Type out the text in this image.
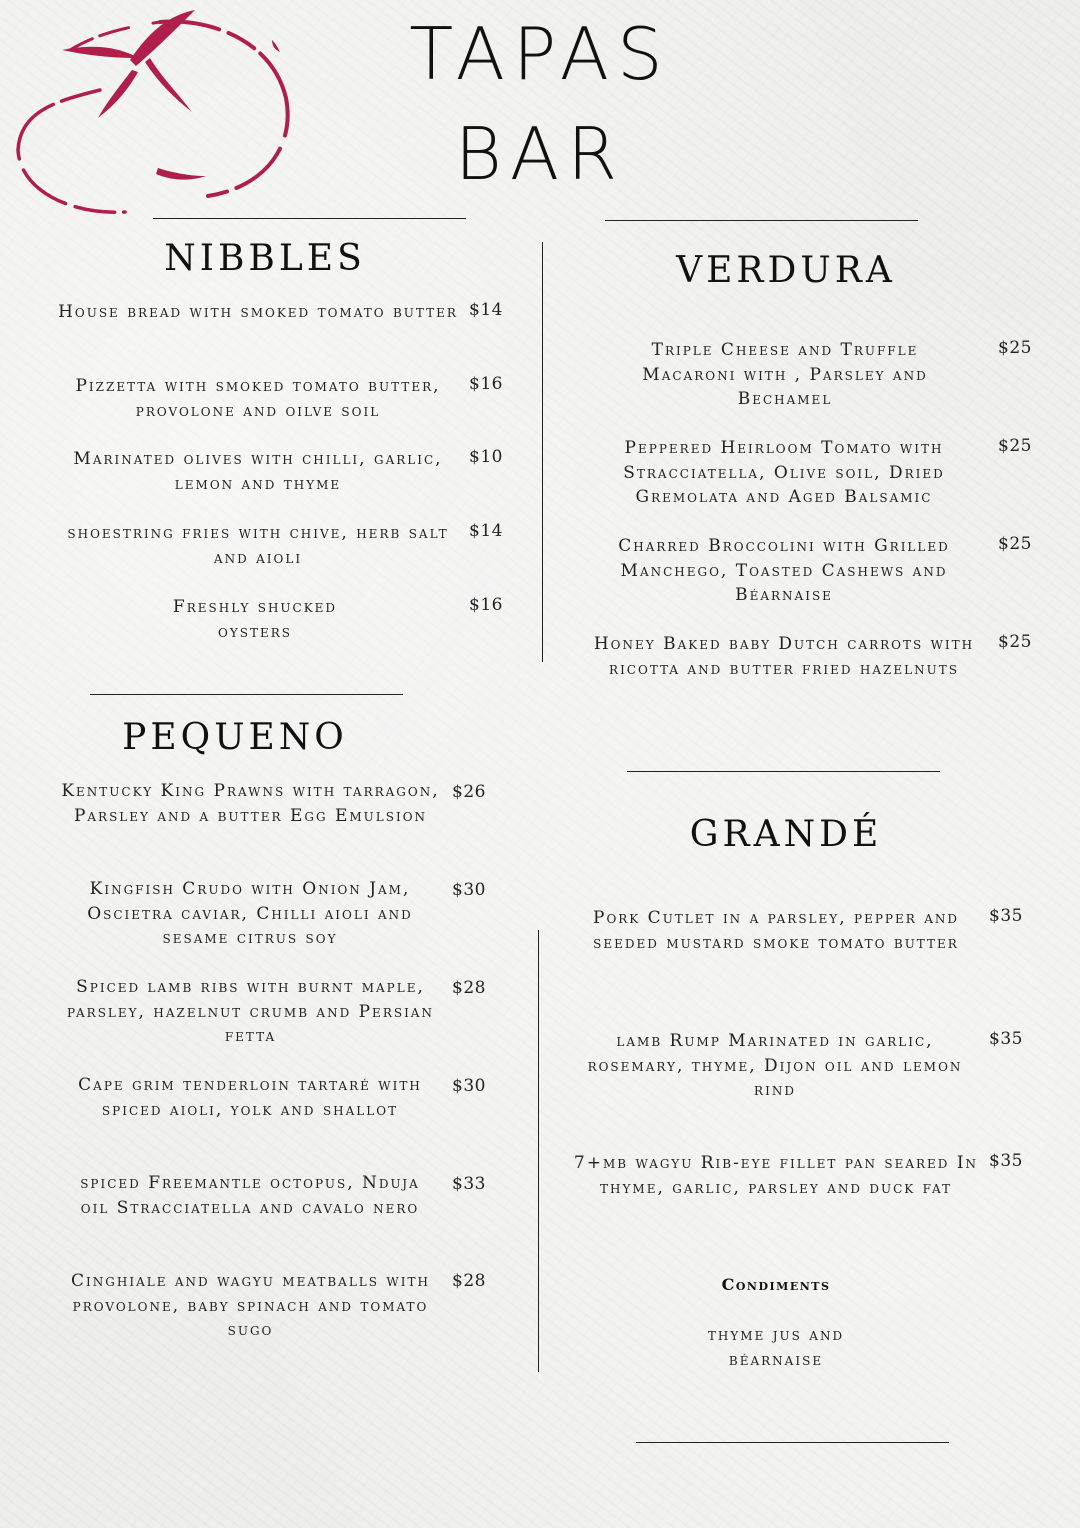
TAPAS
BAR
NIBBLES
House bread with smoked tomato butter $14
Pizzetta with smoked tomato butter, provolone and oilve soil
$16
Marinated olives with chilli, garlic, lemon and thyme
$10
shoestring fries with chive, herb salt and aioli
$14
Freshly shucked oysters
$16
PEQUENO
Kentucky King Prawns with tarragon, Parsley and a butter Egg Emulsion
$26
Kingfish Crudo with Onion Jam, Oscietra caviar, Chilli aioli and sesame citrus soy
$30
Spiced lamb ribs with burnt maple, parsley, hazelnut crumb and Persian fetta
$28
Cape grim tenderloin tartaré with spiced aioli, yolk and shallot
$30
spiced Freemantle octopus, Nduja oil Stracciatella and cavalo nero
$33
Cinghiale and wagyu meatballs with provolone, baby spinach and tomato sugo
$28
VERDURA
Triple Cheese and Truffle Macaroni with , Parsley and Bechamel
$25
Peppered Heirloom Tomato with Stracciatella, Olive soil, Dried Gremolata and Aged Balsamic
$25
Charred Broccolini with Grilled Manchego, Toasted Cashews and Béarnaise
$25
Honey Baked baby Dutch carrots with ricotta and butter fried hazelnuts
$25
GRANDÉ
Pork Cutlet in a parsley, pepper and seeded mustard smoke tomato butter
$35
lamb Rump Marinated in garlic, rosemary, thyme, Dijon oil and lemon rind
$35
7+mb wagyu Rib-eye fillet pan seared In thyme, garlic, parsley and duck fat
$35
Condiments
thyme jus and béarnaise
